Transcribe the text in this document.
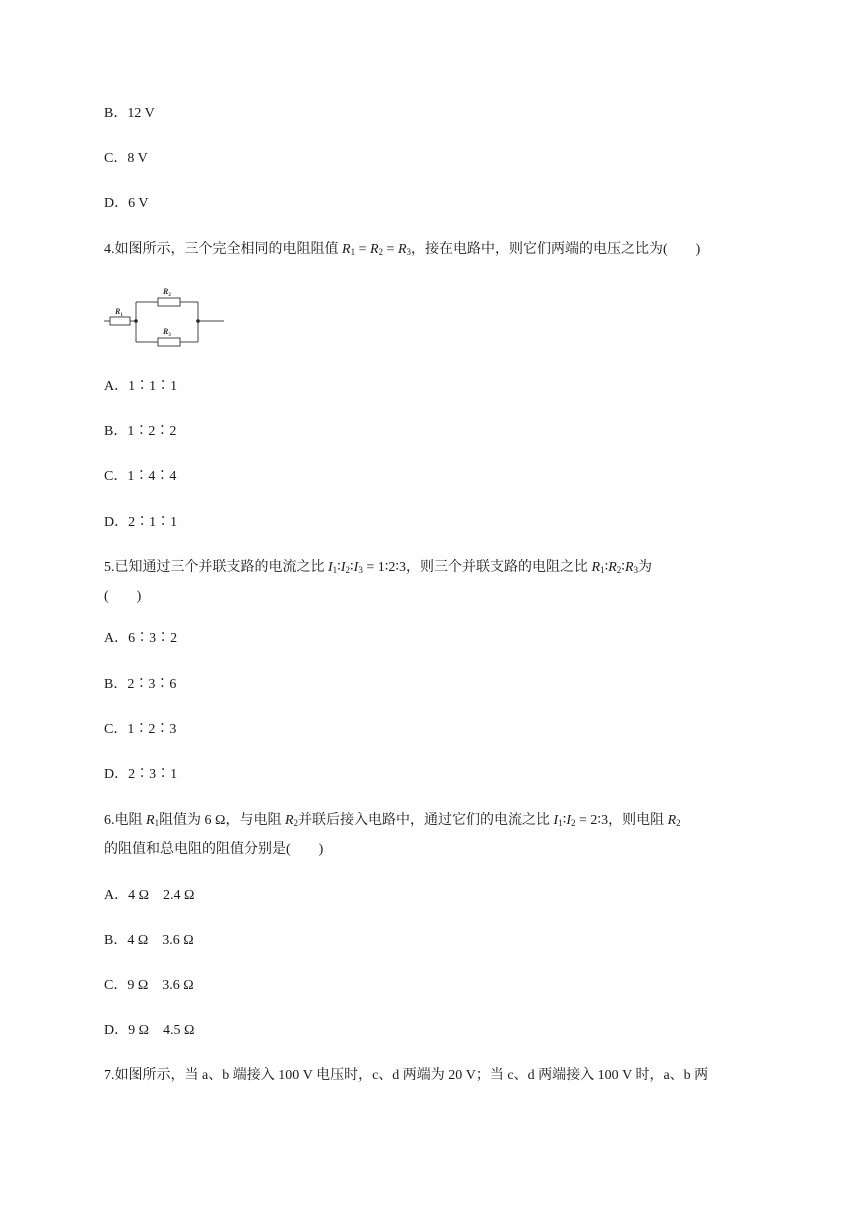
B．12 V
C．8 V
D．6 V
4.如图所示，三个完全相同的电阻阻值 $R_1 = R_2 = R_3$，接在电路中，则它们两端的电压之比为(　　)
$R_1$
$R_2$
$R_3$
A．1∶1∶1
B．1∶2∶2
C．1∶4∶4
D．2∶1∶1
5.已知通过三个并联支路的电流之比 $I_1∶I_2∶I_3$ = 1∶2∶3，则三个并联支路的电阻之比 $R_1∶R_2∶R_3$为
(　　)
A．6∶3∶2
B．2∶3∶6
C．1∶2∶3
D．2∶3∶1
6.电阻 $R_1$阻值为 6 Ω，与电阻 $R_2$并联后接入电路中，通过它们的电流之比 $I_1∶I_2$ = 2∶3，则电阻 $R_2$
的阻值和总电阻的阻值分别是(　　)
A．4 Ω　2.4 Ω
B．4 Ω　3.6 Ω
C．9 Ω　3.6 Ω
D．9 Ω　4.5 Ω
7.如图所示，当 a、b 端接入 100 V 电压时，c、d 两端为 20 V；当 c、d 两端接入 100 V 时，a、b 两
